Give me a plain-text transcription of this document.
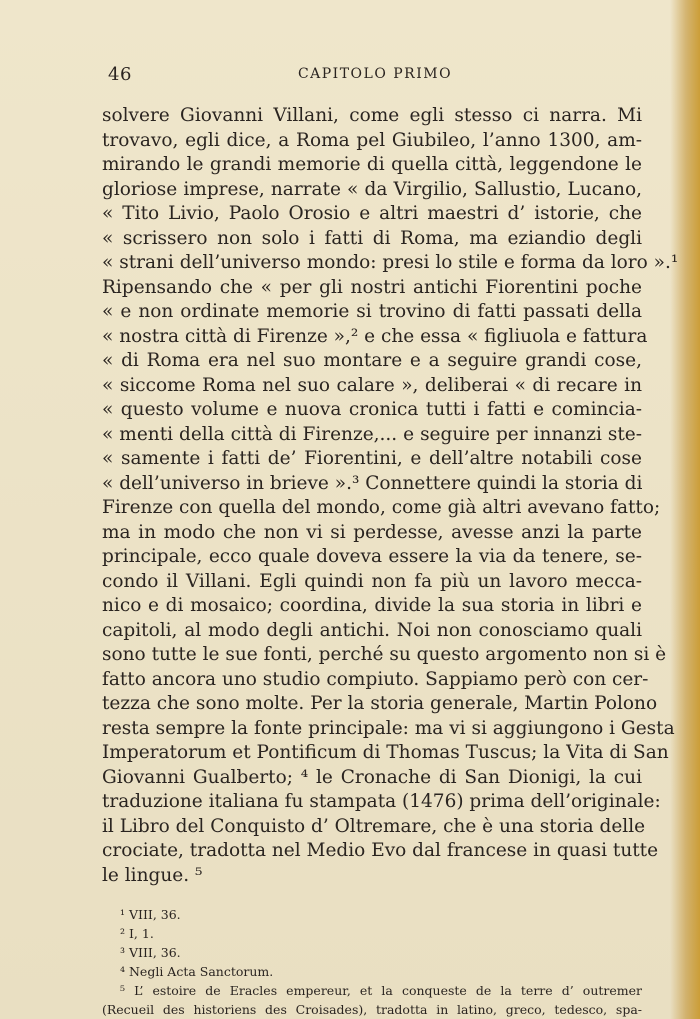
46	CAPITOLO PRIMO
solvere Giovanni Villani, come egli stesso ci narra. Mi
trovavo, egli dice, a Roma pel Giubileo, l’anno 1300, am-
mirando le grandi memorie di quella città, leggendone le
gloriose imprese, narrate « da Virgilio, Sallustio, Lucano,
« Tito Livio, Paolo Orosio e altri maestri d’ istorie, che
« scrissero non solo i fatti di Roma, ma eziandio degli
« strani dell’universo mondo: presi lo stile e forma da loro ».¹
Ripensando che « per gli nostri antichi Fiorentini poche
« e non ordinate memorie si trovino di fatti passati della
« nostra città di Firenze »,² e che essa « figliuola e fattura
« di Roma era nel suo montare e a seguire grandi cose,
« siccome Roma nel suo calare », deliberai « di recare in
« questo volume e nuova cronica tutti i fatti e comincia-
« menti della città di Firenze,... e seguire per innanzi ste-
« samente i fatti de’ Fiorentini, e dell’altre notabili cose
« dell’universo in brieve ».³ Connettere quindi la storia di
Firenze con quella del mondo, come già altri avevano fatto;
ma in modo che non vi si perdesse, avesse anzi la parte
principale, ecco quale doveva essere la via da tenere, se-
condo il Villani. Egli quindi non fa più un lavoro mecca-
nico e di mosaico; coordina, divide la sua storia in libri e
capitoli, al modo degli antichi. Noi non conosciamo quali
sono tutte le sue fonti, perché su questo argomento non si è
fatto ancora uno studio compiuto. Sappiamo però con cer-
tezza che sono molte. Per la storia generale, Martin Polono
resta sempre la fonte principale: ma vi si aggiungono i Gesta
Imperatorum et Pontificum di Thomas Tuscus; la Vita di San
Giovanni Gualberto; ⁴ le Cronache di San Dionigi, la cui
traduzione italiana fu stampata (1476) prima dell’originale:
il Libro del Conquisto d’ Oltremare, che è una storia delle
crociate, tradotta nel Medio Evo dal francese in quasi tutte
le lingue. ⁵
¹ VIII, 36.
² I, 1.
³ VIII, 36.
⁴ Negli Acta Sanctorum.
⁵ L’ estoire de Eracles empereur, et la conqueste de la terre d’ outremer
(Recueil des historiens des Croisades), tradotta in latino, greco, tedesco, spa-
